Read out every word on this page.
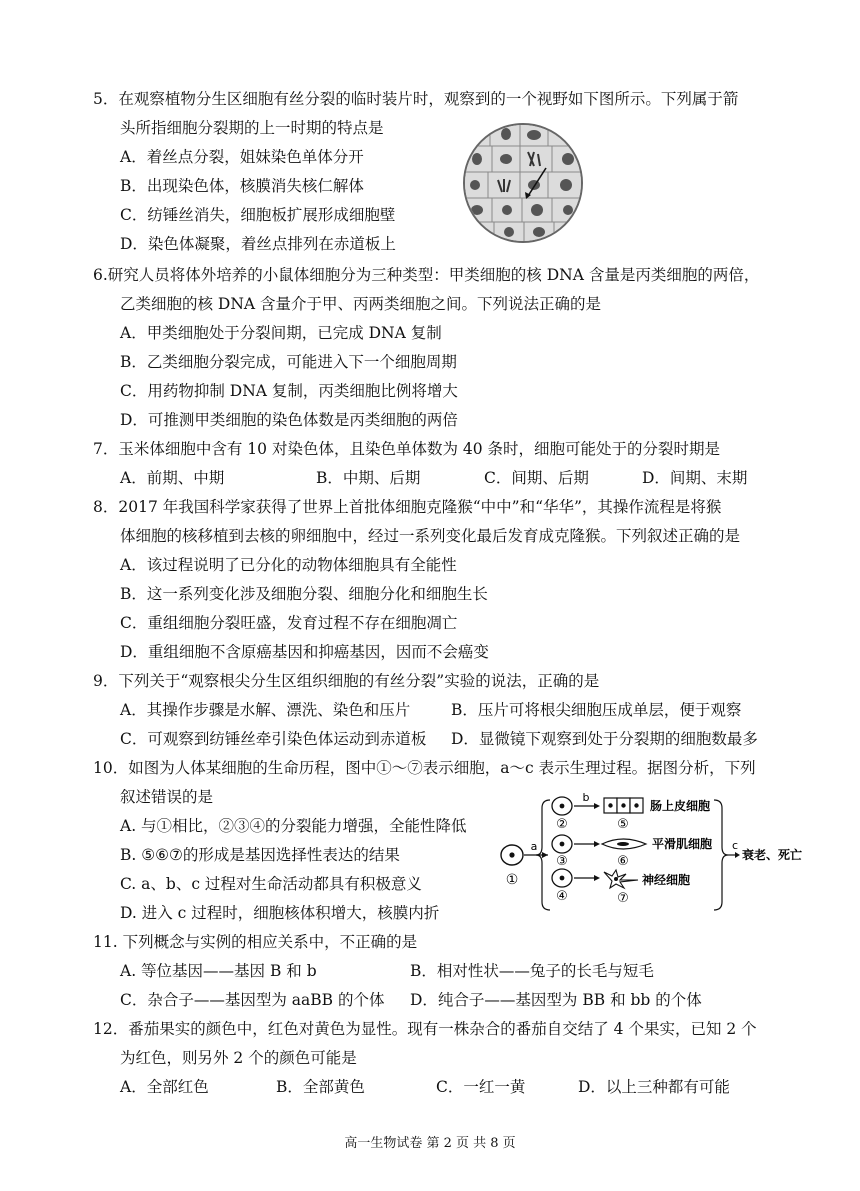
5．在观察植物分生区细胞有丝分裂的临时装片时，观察到的一个视野如下图所示。下列属于箭
头所指细胞分裂期的上一时期的特点是
A．着丝点分裂，姐妹染色单体分开
B．出现染色体，核膜消失核仁解体
C．纺锤丝消失，细胞板扩展形成细胞壁
D．染色体凝聚，着丝点排列在赤道板上
6.研究人员将体外培养的小鼠体细胞分为三种类型：甲类细胞的核 DNA 含量是丙类细胞的两倍，
乙类细胞的核 DNA 含量介于甲、丙两类细胞之间。下列说法正确的是
A．甲类细胞处于分裂间期，已完成 DNA 复制
B．乙类细胞分裂完成，可能进入下一个细胞周期
C．用药物抑制 DNA 复制，丙类细胞比例将增大
D．可推测甲类细胞的染色体数是丙类细胞的两倍
7．玉米体细胞中含有 10 对染色体，且染色单体数为 40 条时，细胞可能处于的分裂时期是
A．前期、中期	B．中期、后期	C．间期、后期	D．间期、末期
8．2017 年我国科学家获得了世界上首批体细胞克隆猴“中中”和“华华”，其操作流程是将猴
体细胞的核移植到去核的卵细胞中，经过一系列变化最后发育成克隆猴。下列叙述正确的是
A．该过程说明了已分化的动物体细胞具有全能性
B．这一系列变化涉及细胞分裂、细胞分化和细胞生长
C．重组细胞分裂旺盛，发育过程不存在细胞凋亡
D．重组细胞不含原癌基因和抑癌基因，因而不会癌变
9．下列关于“观察根尖分生区组织细胞的有丝分裂”实验的说法，正确的是
A．其操作步骤是水解、漂洗、染色和压片	B．压片可将根尖细胞压成单层，便于观察
C．可观察到纺锤丝牵引染色体运动到赤道板 D．显微镜下观察到处于分裂期的细胞数最多
10．如图为人体某细胞的生命历程，图中①～⑦表示细胞，a～c 表示生理过程。据图分析，下列
叙述错误的是
A. 与①相比，②③④的分裂能力增强，全能性降低
B. ⑤⑥⑦的形成是基因选择性表达的结果
C. a、b、c 过程对生命活动都具有积极意义
D. 进入 c 过程时，细胞核体积增大，核膜内折
①
a
②
③
④
b
⑤
肠上皮细胞
⑥
平滑肌细胞
⑦
神经细胞
c
衰老、死亡
11. 下列概念与实例的相应关系中，不正确的是
A. 等位基因——基因 B 和 b	B．相对性状——兔子的长毛与短毛
C．杂合子——基因型为 aaBB 的个体 D．纯合子——基因型为 BB 和 bb 的个体
12．番茄果实的颜色中，红色对黄色为显性。现有一株杂合的番茄自交结了 4 个果实，已知 2 个
为红色，则另外 2 个的颜色可能是
A．全部红色	B．全部黄色	C．一红一黄	D．以上三种都有可能
高一生物试卷 第 2 页 共 8 页
